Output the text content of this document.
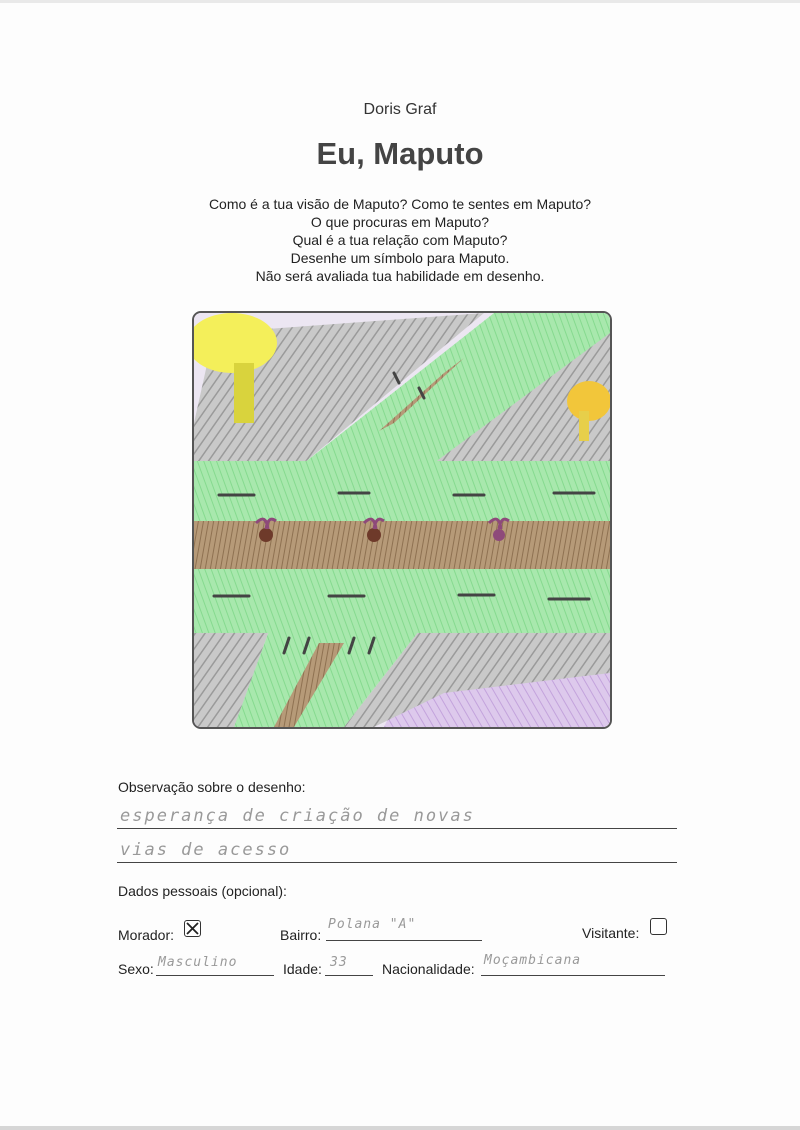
Doris Graf
Eu, Maputo
Como é a tua visão de Maputo? Como te sentes em Maputo?
O que procuras em Maputo?
Qual é a tua relação com Maputo?
Desenhe um símbolo para Maputo.
Não será avaliada tua habilidade em desenho.
Observação sobre o desenho:
esperança de criação de novas
vias de acesso
Dados pessoais (opcional):
Morador:	Bairro:
Polana "A"
Visitante:
Sexo: Masculino	Idade: 33 Nacionalidade:
Moçambicana
